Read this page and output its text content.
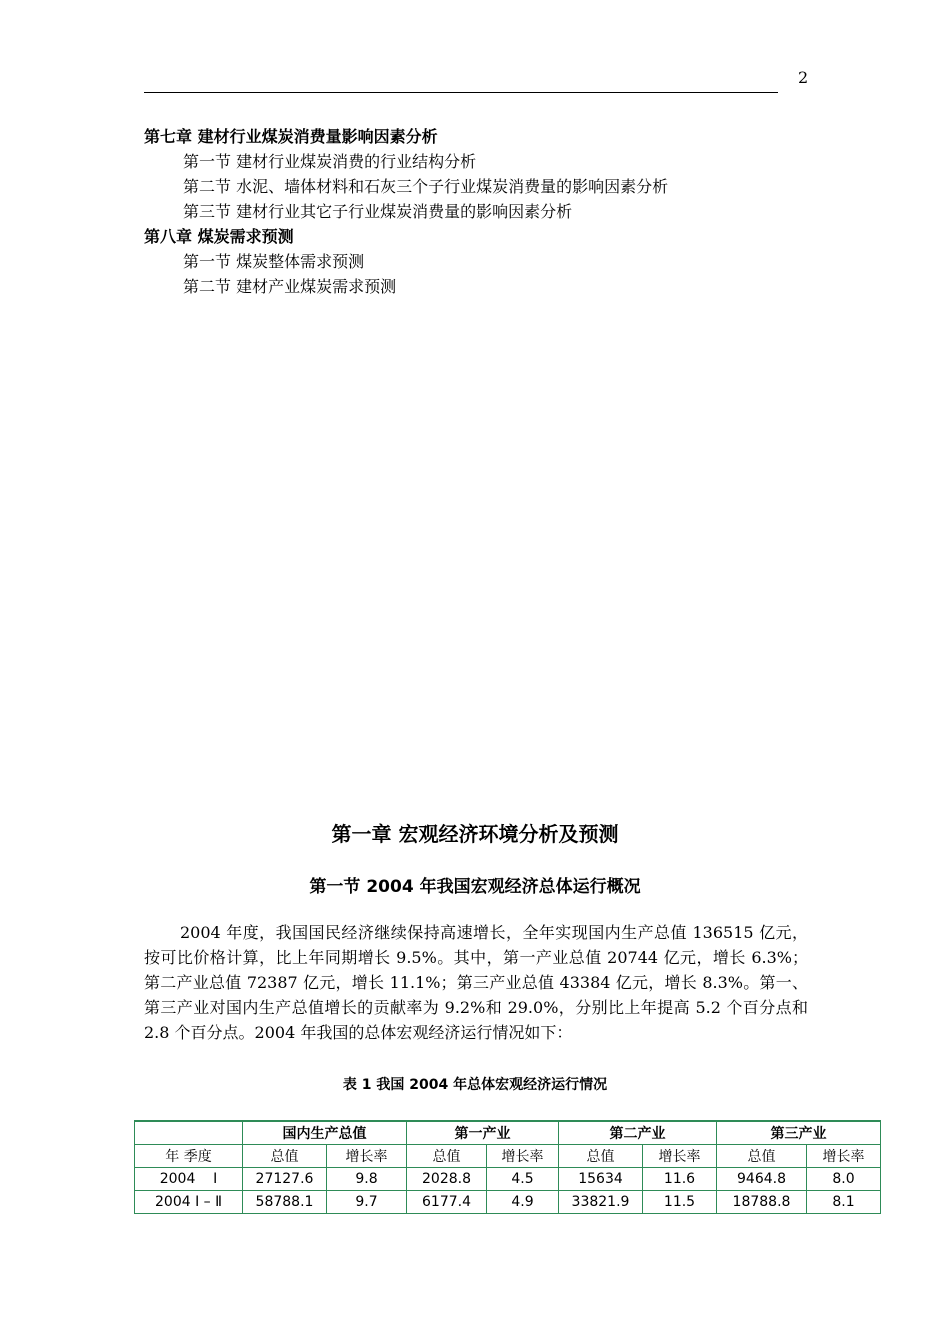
2
第七章 建材行业煤炭消费量影响因素分析
第一节 建材行业煤炭消费的行业结构分析
第二节 水泥、墙体材料和石灰三个子行业煤炭消费量的影响因素分析
第三节 建材行业其它子行业煤炭消费量的影响因素分析
第八章 煤炭需求预测
第一节 煤炭整体需求预测
第二节 建材产业煤炭需求预测
第一章 宏观经济环境分析及预测
第一节 2004 年我国宏观经济总体运行概况

2004 年度，我国国民经济继续保持高速增长，全年实现国内生产总值 136515 亿元，按可比价格计算，比上年同期增长 9.5%。其中，第一产业总值 20744 亿元，增长 6.3%；第二产业总值 72387 亿元，增长 11.1%；第三产业总值 43384 亿元，增长 8.3%。第一、第三产业对国内生产总值增长的贡献率为 9.2%和 29.0%，分别比上年提高 5.2 个百分点和 2.8 个百分点。2004 年我国的总体宏观经济运行情况如下：

表 1 我国 2004 年总体宏观经济运行情况
	国内生产总值		第一产业		第二产业		第三产业	
年 季度	总值	增长率	总值	增长率	总值	增长率	总值	增长率
2004    Ⅰ	27127.6	9.8	2028.8	4.5	15634	11.6	9464.8	8.0
2004 Ⅰ – Ⅱ	58788.1	9.7	6177.4	4.9	33821.9	11.5	18788.8	8.1
